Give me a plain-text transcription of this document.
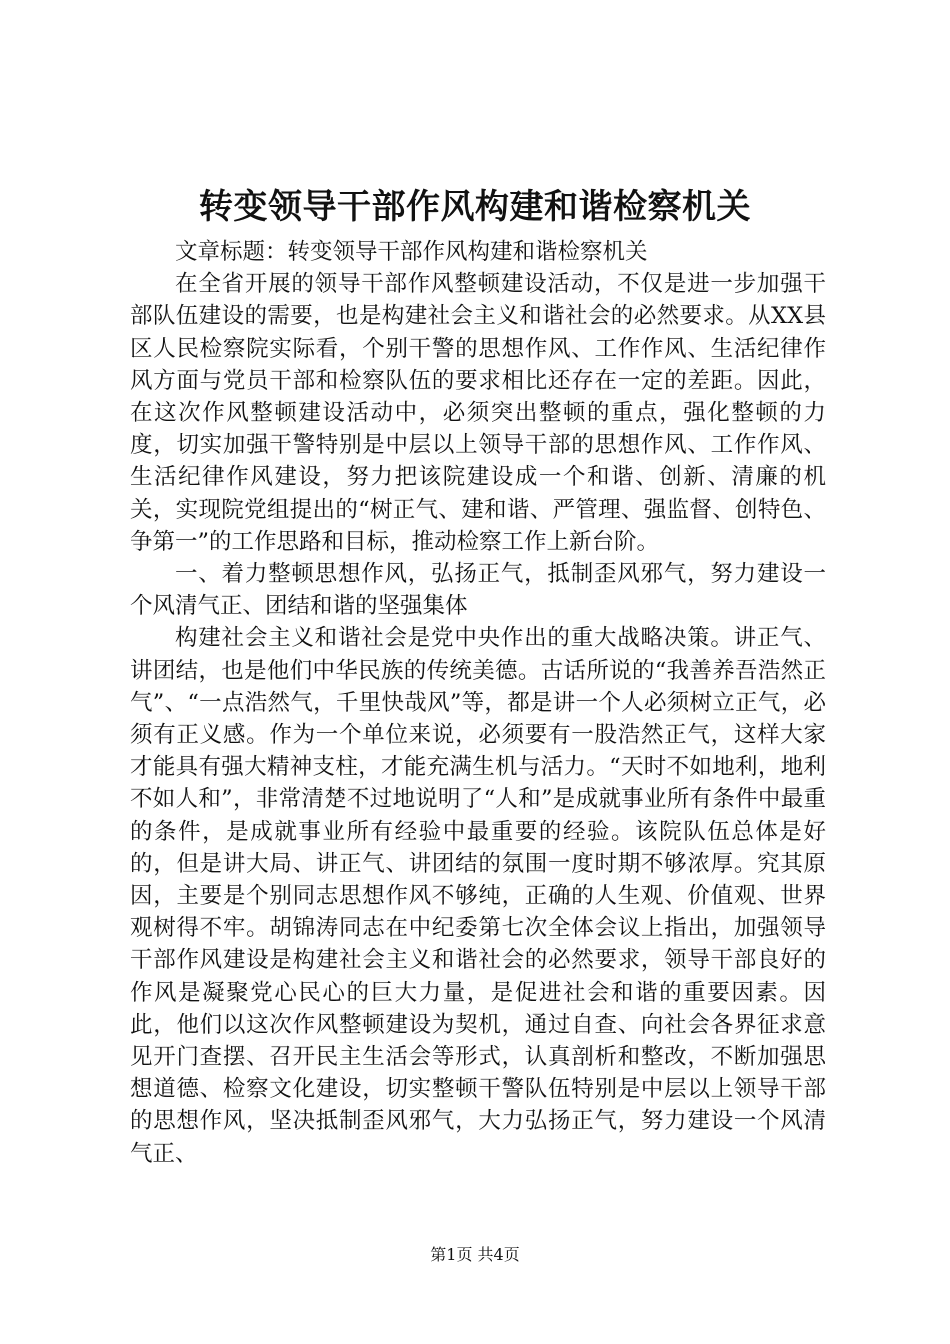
转变领导干部作风构建和谐检察机关

文章标题：转变领导干部作风构建和谐检察机关

在全省开展的领导干部作风整顿建设活动，不仅是进一步加强干部队伍建设的需要，也是构建社会主义和谐社会的必然要求。从XX县区人民检察院实际看，个别干警的思想作风、工作作风、生活纪律作风方面与党员干部和检察队伍的要求相比还存在一定的差距。因此，在这次作风整顿建设活动中，必须突出整顿的重点，强化整顿的力度，切实加强干警特别是中层以上领导干部的思想作风、工作作风、生活纪律作风建设，努力把该院建设成一个和谐、创新、清廉的机关，实现院党组提出的“树正气、建和谐、严管理、强监督、创特色、争第一”的工作思路和目标，推动检察工作上新台阶。

一、着力整顿思想作风，弘扬正气，抵制歪风邪气，努力建设一个风清气正、团结和谐的坚强集体

构建社会主义和谐社会是党中央作出的重大战略决策。讲正气、讲团结，也是他们中华民族的传统美德。古话所说的“我善养吾浩然正气”、“一点浩然气，千里快哉风”等，都是讲一个人必须树立正气，必须有正义感。作为一个单位来说，必须要有一股浩然正气，这样大家才能具有强大精神支柱，才能充满生机与活力。“天时不如地利，地利不如人和”，非常清楚不过地说明了“人和”是成就事业所有条件中最重的条件，是成就事业所有经验中最重要的经验。该院队伍总体是好的，但是讲大局、讲正气、讲团结的氛围一度时期不够浓厚。究其原因，主要是个别同志思想作风不够纯，正确的人生观、价值观、世界观树得不牢。胡锦涛同志在中纪委第七次全体会议上指出，加强领导干部作风建设是构建社会主义和谐社会的必然要求，领导干部良好的作风是凝聚党心民心的巨大力量，是促进社会和谐的重要因素。因此，他们以这次作风整顿建设为契机，通过自查、向社会各界征求意见开门查摆、召开民主生活会等形式，认真剖析和整改，不断加强思想道德、检察文化建设，切实整顿干警队伍特别是中层以上领导干部的思想作风，坚决抵制歪风邪气，大力弘扬正气，努力建设一个风清气正、

第1页 共4页
